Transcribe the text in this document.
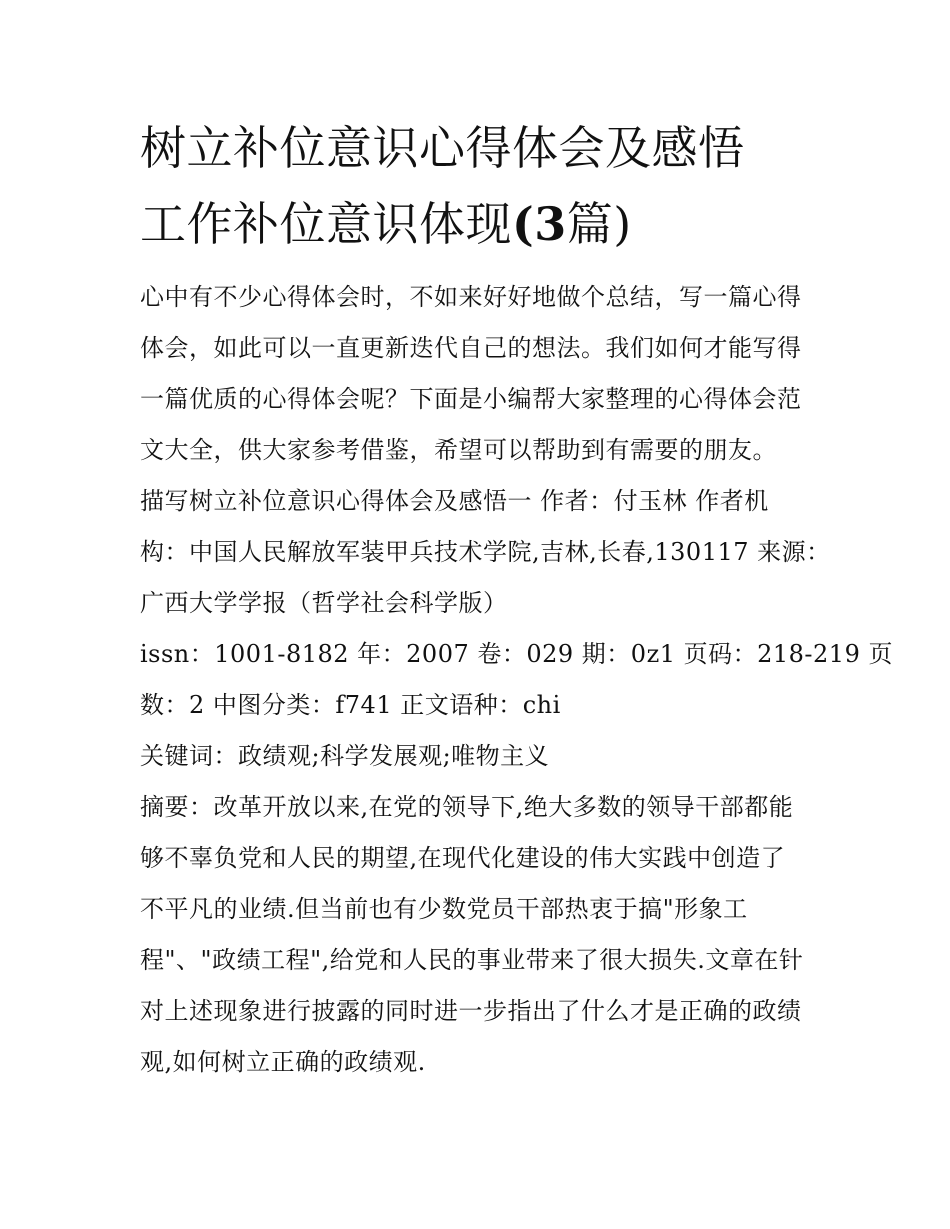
树立补位意识心得体会及感悟
工作补位意识体现(3篇)
心中有不少心得体会时，不如来好好地做个总结，写一篇心得
体会，如此可以一直更新迭代自己的想法。我们如何才能写得
一篇优质的心得体会呢？下面是小编帮大家整理的心得体会范
文大全，供大家参考借鉴，希望可以帮助到有需要的朋友。
描写树立补位意识心得体会及感悟一 作者：付玉林 作者机
构：中国人民解放军装甲兵技术学院,吉林,长春,130117 来源：
广西大学学报（哲学社会科学版）
issn：1001-8182 年：2007 卷：029 期：0z1 页码：218-219 页
数：2 中图分类：f741 正文语种：chi
关键词：政绩观;科学发展观;唯物主义
摘要：改革开放以来,在党的领导下,绝大多数的领导干部都能
够不辜负党和人民的期望,在现代化建设的伟大实践中创造了
不平凡的业绩.但当前也有少数党员干部热衷于搞"形象工
程"、"政绩工程",给党和人民的事业带来了很大损失.文章在针
对上述现象进行披露的同时进一步指出了什么才是正确的政绩
观,如何树立正确的政绩观.
